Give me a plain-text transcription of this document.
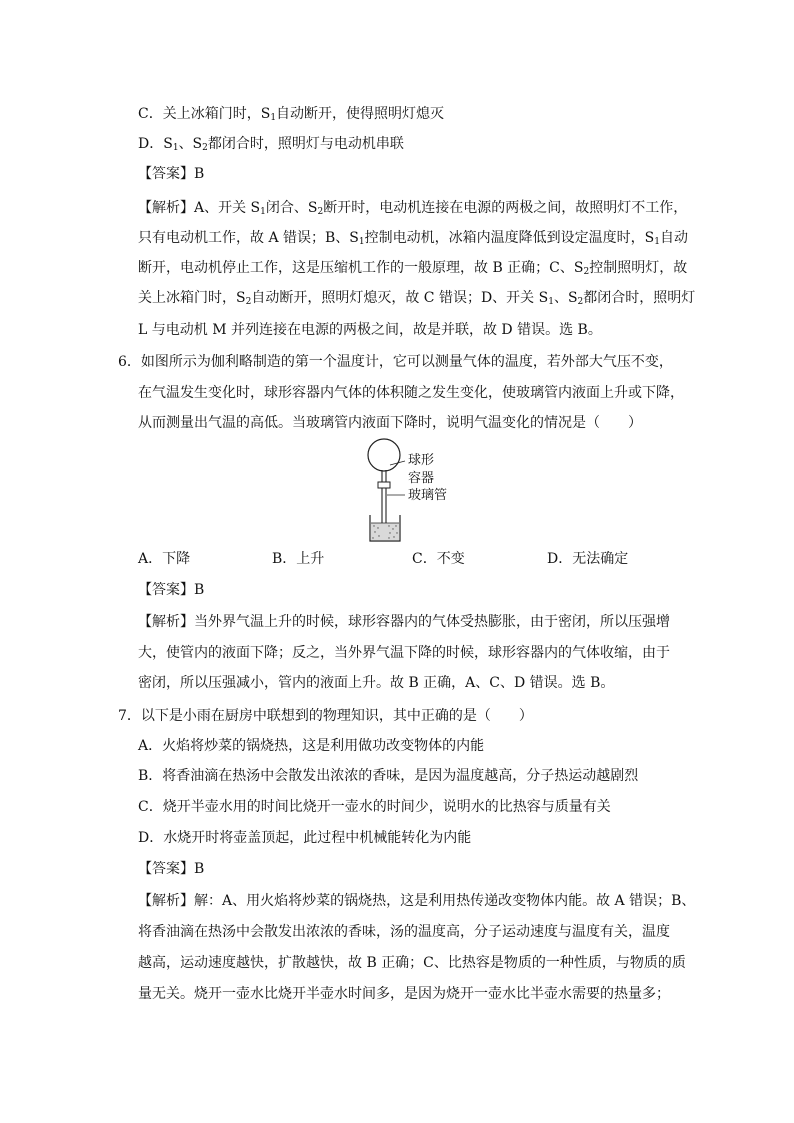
C．关上冰箱门时，$S_1$自动断开，使得照明灯熄灭
D．$S_1$、$S_2$都闭合时，照明灯与电动机串联
【答案】B
【解析】A、开关 $S_1$闭合、$S_2$断开时，电动机连接在电源的两极之间，故照明灯不工作，
只有电动机工作，故 A 错误；B、$S_1$控制电动机，冰箱内温度降低到设定温度时，$S_1$自动
断开，电动机停止工作，这是压缩机工作的一般原理，故 B 正确；C、$S_2$控制照明灯，故
关上冰箱门时，$S_2$自动断开，照明灯熄灭，故 C 错误；D、开关 $S_1$、$S_2$都闭合时，照明灯
L 与电动机 M 并列连接在电源的两极之间，故是并联，故 D 错误。选 B。
6．如图所示为伽利略制造的第一个温度计，它可以测量气体的温度，若外部大气压不变，
在气温发生变化时，球形容器内气体的体积随之发生变化，使玻璃管内液面上升或下降，
从而测量出气温的高低。当玻璃管内液面下降时，说明气温变化的情况是（　　）
球形
容器
玻璃管
A．下降	B．上升	C．不变	D．无法确定
【答案】B
【解析】当外界气温上升的时候，球形容器内的气体受热膨胀，由于密闭，所以压强增
大，使管内的液面下降；反之，当外界气温下降的时候，球形容器内的气体收缩，由于
密闭，所以压强减小，管内的液面上升。故 B 正确，A、C、D 错误。选 B。
7．以下是小雨在厨房中联想到的物理知识，其中正确的是（　　）
A．火焰将炒菜的锅烧热，这是利用做功改变物体的内能
B．将香油滴在热汤中会散发出浓浓的香味，是因为温度越高，分子热运动越剧烈
C．烧开半壶水用的时间比烧开一壶水的时间少，说明水的比热容与质量有关
D．水烧开时将壶盖顶起，此过程中机械能转化为内能
【答案】B
【解析】解：A、用火焰将炒菜的锅烧热，这是利用热传递改变物体内能。故 A 错误；B、
将香油滴在热汤中会散发出浓浓的香味，汤的温度高，分子运动速度与温度有关，温度
越高，运动速度越快，扩散越快，故 B 正确；C、比热容是物质的一种性质，与物质的质
量无关。烧开一壶水比烧开半壶水时间多，是因为烧开一壶水比半壶水需要的热量多；
